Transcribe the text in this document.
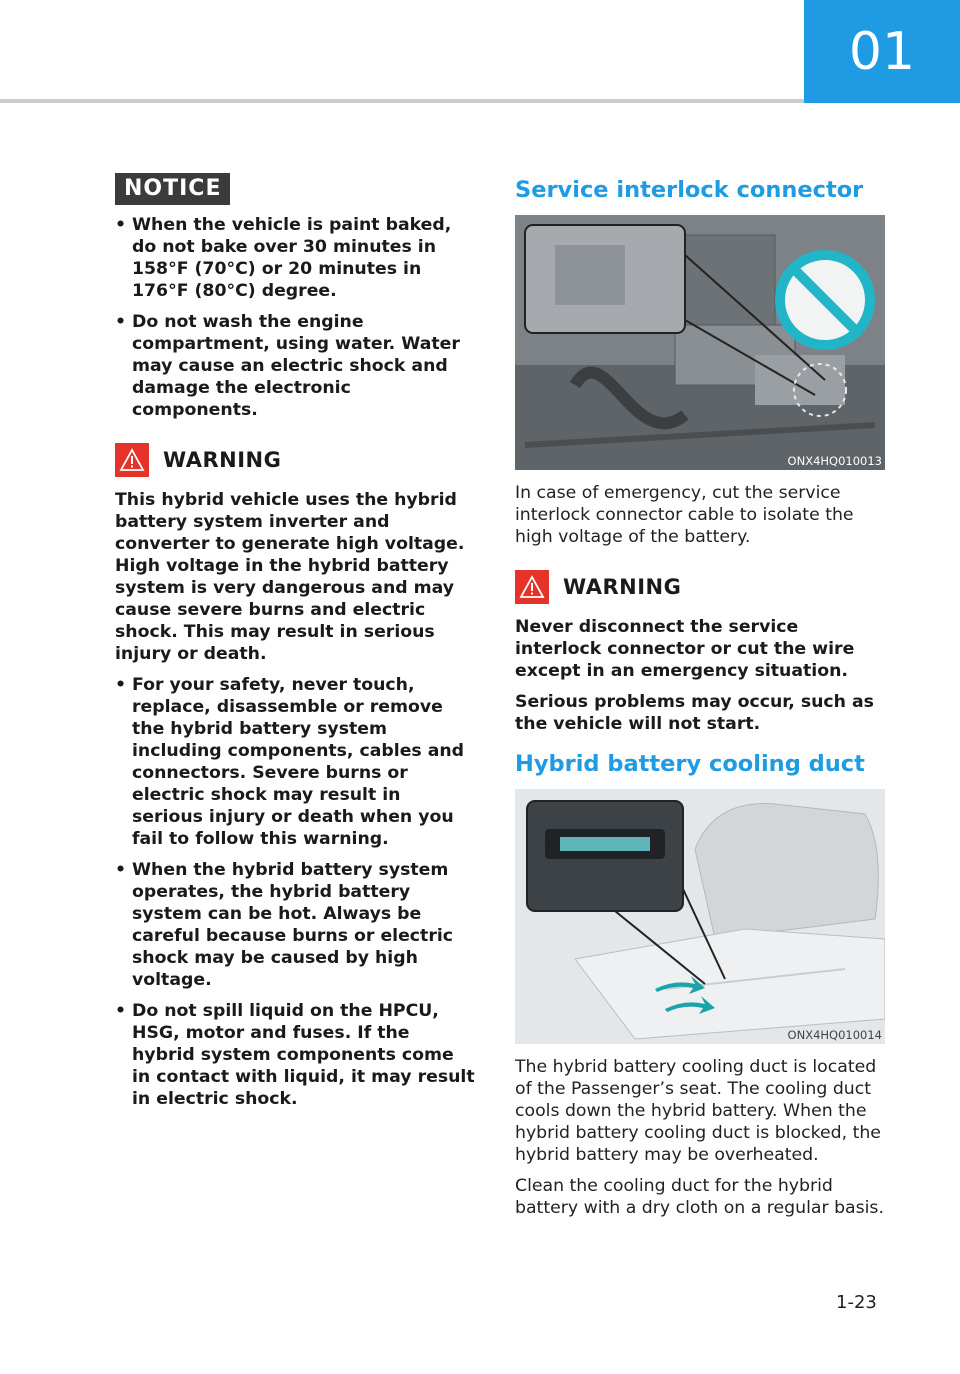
01
NOTICE
• When the vehicle is paint baked, do not bake over 30 minutes in 158°F (70°C) or 20 minutes in 176°F (80°C) degree.
• Do not wash the engine compartment, using water. Water may cause an electric shock and damage the electronic components.
WARNING

This hybrid vehicle uses the hybrid battery system inverter and converter to generate high voltage. High voltage in the hybrid battery system is very dangerous and may cause severe burns and electric shock. This may result in serious injury or death.

• For your safety, never touch, replace, disassemble or remove the hybrid battery system including components, cables and connectors. Severe burns or electric shock may result in serious injury or death when you fail to follow this warning.
• When the hybrid battery system operates, the hybrid battery system can be hot. Always be careful because burns or electric shock may be caused by high voltage.
• Do not spill liquid on the HPCU, HSG, motor and fuses. If the hybrid system components come in contact with liquid, it may result in electric shock.
Service interlock connector
ONX4HQ010013

In case of emergency, cut the service interlock connector cable to isolate the high voltage of the battery.

WARNING

Never disconnect the service interlock connector or cut the wire except in an emergency situation.

Serious problems may occur, such as the vehicle will not start.

Hybrid battery cooling duct
ONX4HQ010014

The hybrid battery cooling duct is located of the Passenger’s seat. The cooling duct cools down the hybrid battery. When the hybrid battery cooling duct is blocked, the hybrid battery may be overheated.

Clean the cooling duct for the hybrid battery with a dry cloth on a regular basis.

1-23
